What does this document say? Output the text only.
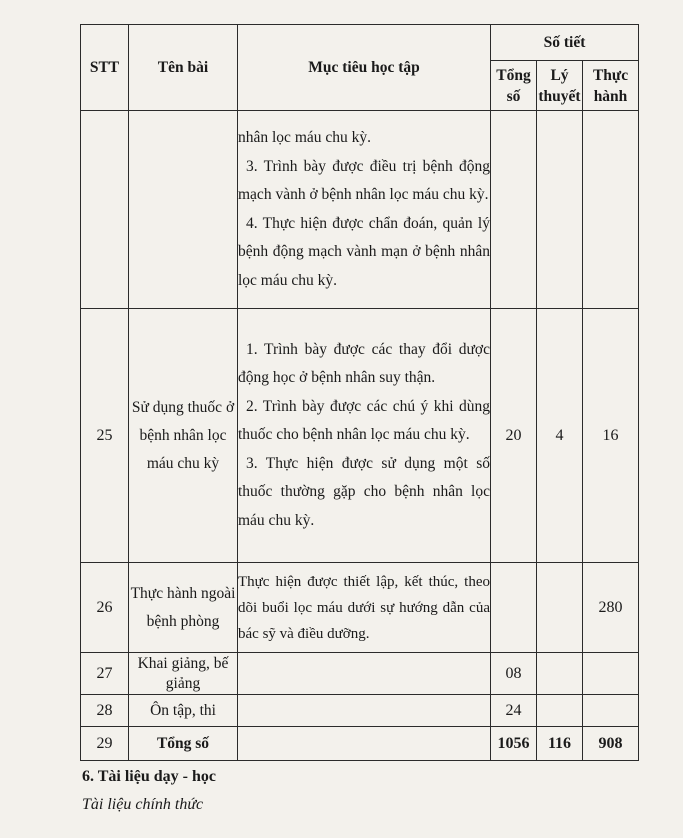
STT	Tên bài	Mục tiêu học tập	Số tiết		
			Tổng số	Lý thuyết	Thực hành

		nhân lọc máu chu kỳ.

3. Trình bày được điều trị bệnh động mạch vành ở bệnh nhân lọc máu chu kỳ.

4. Thực hiện được chẩn đoán, quản lý bệnh động mạch vành mạn ở bệnh nhân lọc máu chu kỳ.			

25	Sử dụng thuốc ở bệnh nhân lọc máu chu kỳ	1. Trình bày được các thay đổi dược động học ở bệnh nhân suy thận.

2. Trình bày được các chú ý khi dùng thuốc cho bệnh nhân lọc máu chu kỳ.

3. Thực hiện được sử dụng một số thuốc thường gặp cho bệnh nhân lọc máu chu kỳ.	20	4	16
26	Thực hành ngoài bệnh phòng	Thực hiện được thiết lập, kết thúc, theo dõi buổi lọc máu dưới sự hướng dẫn của bác sỹ và điều dưỡng.			280
27	Khai giảng, bế giảng		08		
28	Ôn tập, thi		24		
29	Tổng số		1056	116	908
6. Tài liệu dạy - học
Tài liệu chính thức
